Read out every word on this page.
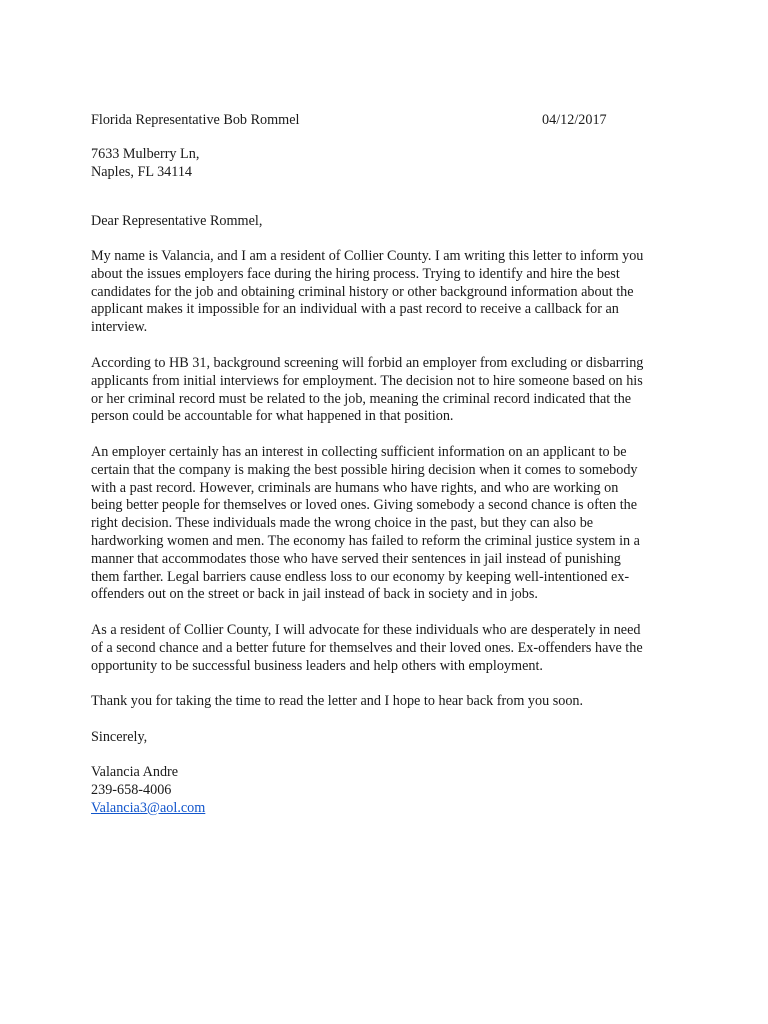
Florida Representative Bob Rommel	04/12/2017
7633 Mulberry Ln,
Naples, FL 34114
Dear Representative Rommel,
My name is Valancia, and I am a resident of Collier County. I am writing this letter to inform you
about the issues employers face during the hiring process. Trying to identify and hire the best
candidates for the job and obtaining criminal history or other background information about the
applicant makes it impossible for an individual with a past record to receive a callback for an
interview.
According to HB 31, background screening will forbid an employer from excluding or disbarring
applicants from initial interviews for employment. The decision not to hire someone based on his
or her criminal record must be related to the job, meaning the criminal record indicated that the
person could be accountable for what happened in that position.
An employer certainly has an interest in collecting sufficient information on an applicant to be
certain that the company is making the best possible hiring decision when it comes to somebody
with a past record. However, criminals are humans who have rights, and who are working on
being better people for themselves or loved ones. Giving somebody a second chance is often the
right decision. These individuals made the wrong choice in the past, but they can also be
hardworking women and men. The economy has failed to reform the criminal justice system in a
manner that accommodates those who have served their sentences in jail instead of punishing
them farther. Legal barriers cause endless loss to our economy by keeping well-intentioned ex-
offenders out on the street or back in jail instead of back in society and in jobs.
As a resident of Collier County, I will advocate for these individuals who are desperately in need
of a second chance and a better future for themselves and their loved ones. Ex-offenders have the
opportunity to be successful business leaders and help others with employment.
Thank you for taking the time to read the letter and I hope to hear back from you soon.
Sincerely,
Valancia Andre
239-658-4006
Valancia3@aol.com
